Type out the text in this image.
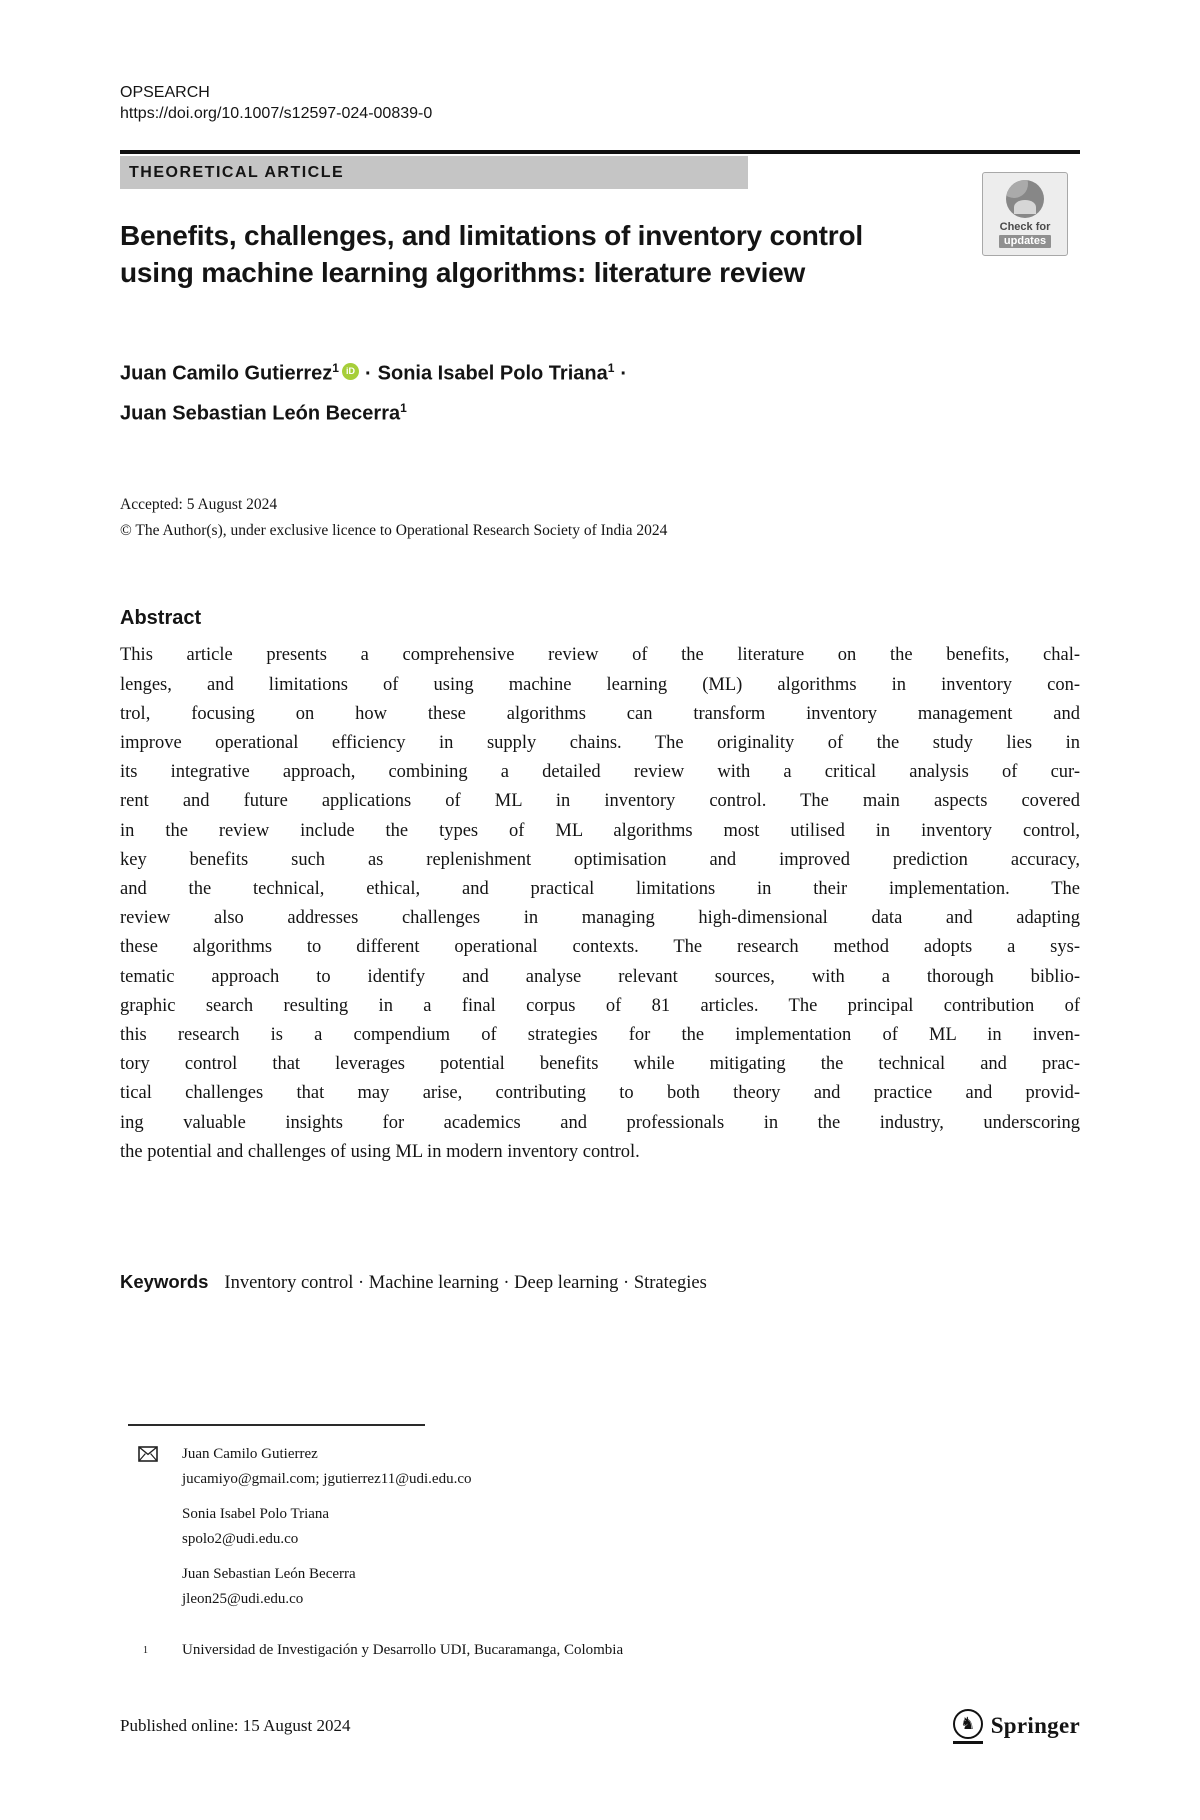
OPSEARCH
https://doi.org/10.1007/s12597-024-00839-0
THEORETICAL ARTICLE
Check for
updates
Benefits, challenges, and limitations of inventory control
using machine learning algorithms: literature review
Juan Camilo Gutierrez$^1$ iD · Sonia Isabel Polo Triana$^1$ ·
Juan Sebastian León Becerra$^1$
Accepted: 5 August 2024
© The Author(s), under exclusive licence to Operational Research Society of India 2024
Abstract
This article presents a comprehensive review of the literature on the benefits, chal-
lenges, and limitations of using machine learning (ML) algorithms in inventory con-
trol, focusing on how these algorithms can transform inventory management and
improve operational efficiency in supply chains. The originality of the study lies in
its integrative approach, combining a detailed review with a critical analysis of cur-
rent and future applications of ML in inventory control. The main aspects covered
in the review include the types of ML algorithms most utilised in inventory control,
key benefits such as replenishment optimisation and improved prediction accuracy,
and the technical, ethical, and practical limitations in their implementation. The
review also addresses challenges in managing high-dimensional data and adapting
these algorithms to different operational contexts. The research method adopts a sys-
tematic approach to identify and analyse relevant sources, with a thorough biblio-
graphic search resulting in a final corpus of 81 articles. The principal contribution of
this research is a compendium of strategies for the implementation of ML in inven-
tory control that leverages potential benefits while mitigating the technical and prac-
tical challenges that may arise, contributing to both theory and practice and provid-
ing valuable insights for academics and professionals in the industry, underscoring
the potential and challenges of using ML in modern inventory control.
Keywords Inventory control · Machine learning · Deep learning · Strategies
Juan Camilo Gutierrez
jucamiyo@gmail.com; jgutierrez11@udi.edu.co
Sonia Isabel Polo Triana
spolo2@udi.edu.co
Juan Sebastian León Becerra
jleon25@udi.edu.co
$^1$	Universidad de Investigación y Desarrollo UDI, Bucaramanga, Colombia
Published online: 15 August 2024	♞ Springer
